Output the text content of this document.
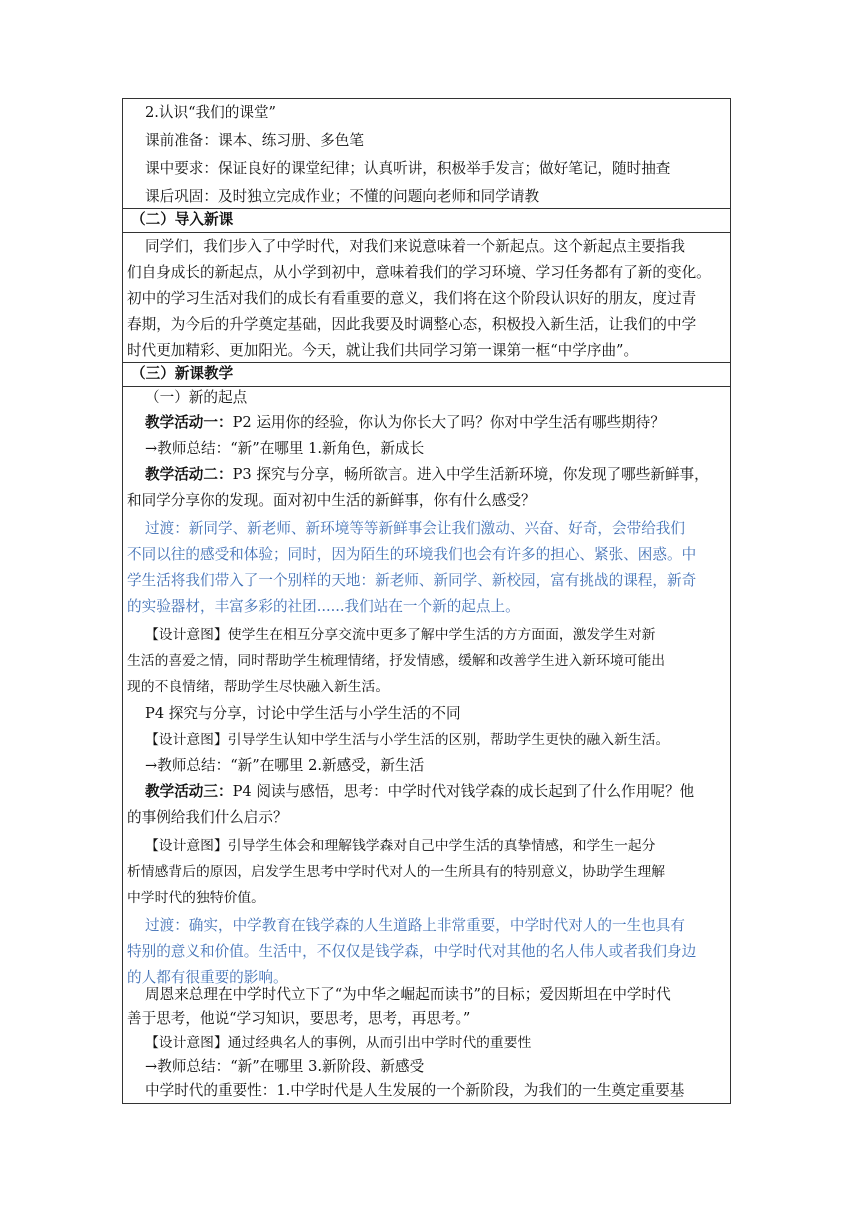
2.认识“我们的课堂”
课前准备：课本、练习册、多色笔
课中要求：保证良好的课堂纪律；认真听讲，积极举手发言；做好笔记，随时抽查
课后巩固：及时独立完成作业；不懂的问题向老师和同学请教
（二）导入新课
同学们，我们步入了中学时代，对我们来说意味着一个新起点。这个新起点主要指我
们自身成长的新起点，从小学到初中，意味着我们的学习环境、学习任务都有了新的变化。
初中的学习生活对我们的成长有看重要的意义，我们将在这个阶段认识好的朋友，度过青
春期，为今后的升学奠定基础，因此我要及时调整心态，积极投入新生活，让我们的中学
时代更加精彩、更加阳光。今天，就让我们共同学习第一课第一框“中学序曲”。
（三）新课教学
（一）新的起点
教学活动一：P2 运用你的经验，你认为你长大了吗？你对中学生活有哪些期待？
→教师总结：“新”在哪里 1.新角色，新成长
教学活动二：P3 探究与分享，畅所欲言。进入中学生活新环境，你发现了哪些新鲜事，
和同学分享你的发现。面对初中生活的新鲜事，你有什么感受？
过渡：新同学、新老师、新环境等等新鲜事会让我们激动、兴奋、好奇，会带给我们
不同以往的感受和体验；同时，因为陌生的环境我们也会有许多的担心、紧张、困惑。中
学生活将我们带入了一个别样的天地：新老师、新同学、新校园，富有挑战的课程，新奇
的实验器材，丰富多彩的社团......我们站在一个新的起点上。
【设计意图】使学生在相互分享交流中更多了解中学生活的方方面面，激发学生对新
生活的喜爱之情，同时帮助学生梳理情绪，抒发情感，缓解和改善学生进入新环境可能出
现的不良情绪，帮助学生尽快融入新生活。
P4 探究与分享，讨论中学生活与小学生活的不同
【设计意图】引导学生认知中学生活与小学生活的区别，帮助学生更快的融入新生活。
→教师总结：“新”在哪里 2.新感受，新生活
教学活动三：P4 阅读与感悟，思考：中学时代对钱学森的成长起到了什么作用呢？他
的事例给我们什么启示？
【设计意图】引导学生体会和理解钱学森对自己中学生活的真挚情感，和学生一起分
析情感背后的原因，启发学生思考中学时代对人的一生所具有的特别意义，协助学生理解
中学时代的独特价值。
过渡：确实，中学教育在钱学森的人生道路上非常重要，中学时代对人的一生也具有
特别的意义和价值。生活中，不仅仅是钱学森，中学时代对其他的名人伟人或者我们身边
的人都有很重要的影响。
周恩来总理在中学时代立下了“为中华之崛起而读书”的目标；爱因斯坦在中学时代
善于思考，他说“学习知识，要思考，思考，再思考。”
【设计意图】通过经典名人的事例，从而引出中学时代的重要性
→教师总结：“新”在哪里 3.新阶段、新感受
中学时代的重要性：1.中学时代是人生发展的一个新阶段，为我们的一生奠定重要基
